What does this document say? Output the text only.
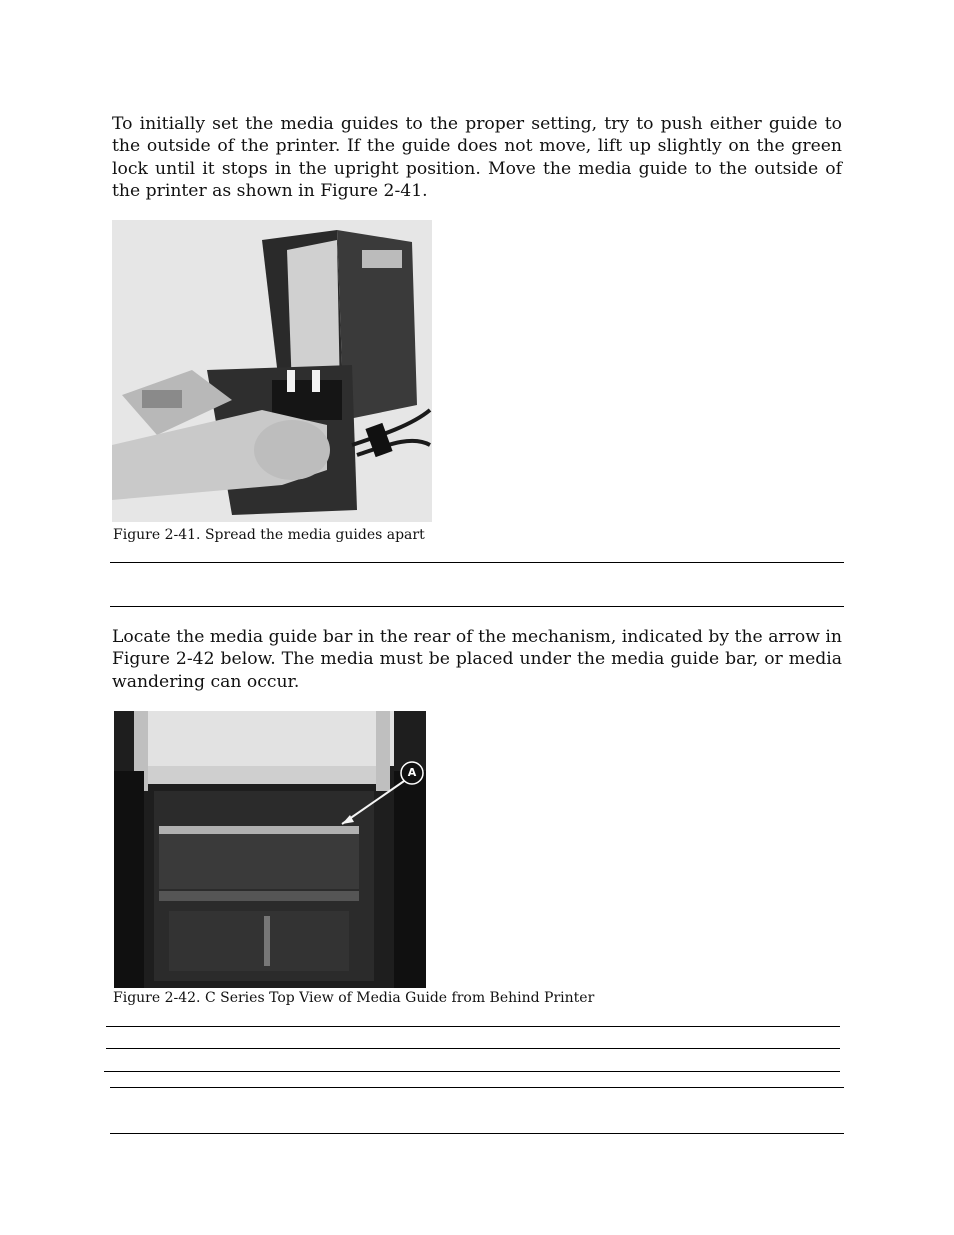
To initially set the media guides to the proper setting, try to push either guide to the outside of the printer. If the guide does not move, lift up slightly on the green lock until it stops in the upright position. Move the media guide to the outside of the printer as shown in Figure 2-41.

Figure 2-41. Spread the media guides apart

Locate the media guide bar in the rear of the mechanism, indicated by the arrow in Figure 2-42 below. The media must be placed under the media guide bar, or media wandering can occur.

A

Figure 2-42. C Series Top View of Media Guide from Behind Printer
